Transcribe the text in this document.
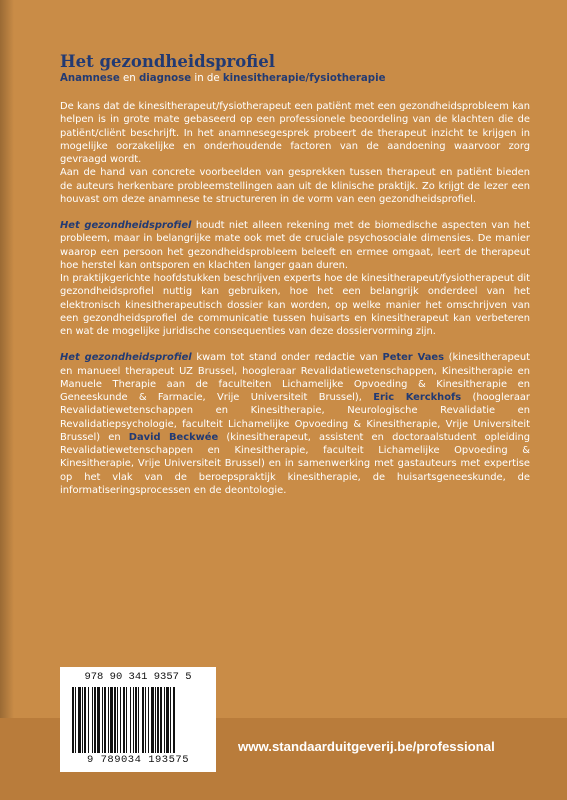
Het gezondheidsprofiel
Anamnese en diagnose in de kinesitherapie/fysiotherapie

De kans dat de kinesitherapeut/fysiotherapeut een patiënt met een gezondheidsprobleem kan helpen is in grote mate gebaseerd op een professionele beoordeling van de klachten die de patiënt/cliënt beschrijft. In het anamnesegesprek probeert de therapeut inzicht te krijgen in mogelijke oorzakelijke en onderhoudende factoren van de aandoening waarvoor zorg gevraagd wordt.

Aan de hand van concrete voorbeelden van gesprekken tussen therapeut en patiënt bieden de auteurs herkenbare probleemstellingen aan uit de klinische praktijk. Zo krijgt de lezer een houvast om deze anamnese te structureren in de vorm van een gezondheidsprofiel.

Het gezondheidsprofiel houdt niet alleen rekening met de biomedische aspecten van het probleem, maar in belangrijke mate ook met de cruciale psychosociale dimensies. De manier waarop een persoon het gezondheidsprobleem beleeft en ermee omgaat, leert de therapeut hoe herstel kan ontsporen en klachten langer gaan duren.

In praktijkgerichte hoofdstukken beschrijven experts hoe de kinesitherapeut/fysiotherapeut dit gezondheidsprofiel nuttig kan gebruiken, hoe het een belangrijk onderdeel van het elektronisch kinesitherapeutisch dossier kan worden, op welke manier het omschrijven van een gezondheidsprofiel de communicatie tussen huisarts en kinesitherapeut kan verbeteren en wat de mogelijke juridische consequenties van deze dossiervorming zijn.

Het gezondheidsprofiel kwam tot stand onder redactie van Peter Vaes (kinesitherapeut en manueel therapeut UZ Brussel, hoogleraar Revalidatiewetenschappen, Kinesitherapie en Manuele Therapie aan de faculteiten Lichamelijke Opvoeding & Kinesitherapie en Geneeskunde & Farmacie, Vrije Universiteit Brussel), Eric Kerckhofs (hoogleraar Revalidatiewetenschappen en Kinesitherapie, Neurologische Revalidatie en Revalidatiepsychologie, faculteit Lichamelijke Opvoeding & Kinesitherapie, Vrije Universiteit Brussel) en David Beckwée (kinesitherapeut, assistent en doctoraalstudent opleiding Revalidatiewetenschappen en Kinesitherapie, faculteit Lichamelijke Opvoeding & Kinesitherapie, Vrije Universiteit Brussel) en in samenwerking met gastauteurs met expertise op het vlak van de beroepspraktijk kinesitherapie, de huisartsgeneeskunde, de informatiseringsprocessen en de deontologie.

978 90 341 9357 5
9 789034 193575
www.standaarduitgeverij.be/professional
